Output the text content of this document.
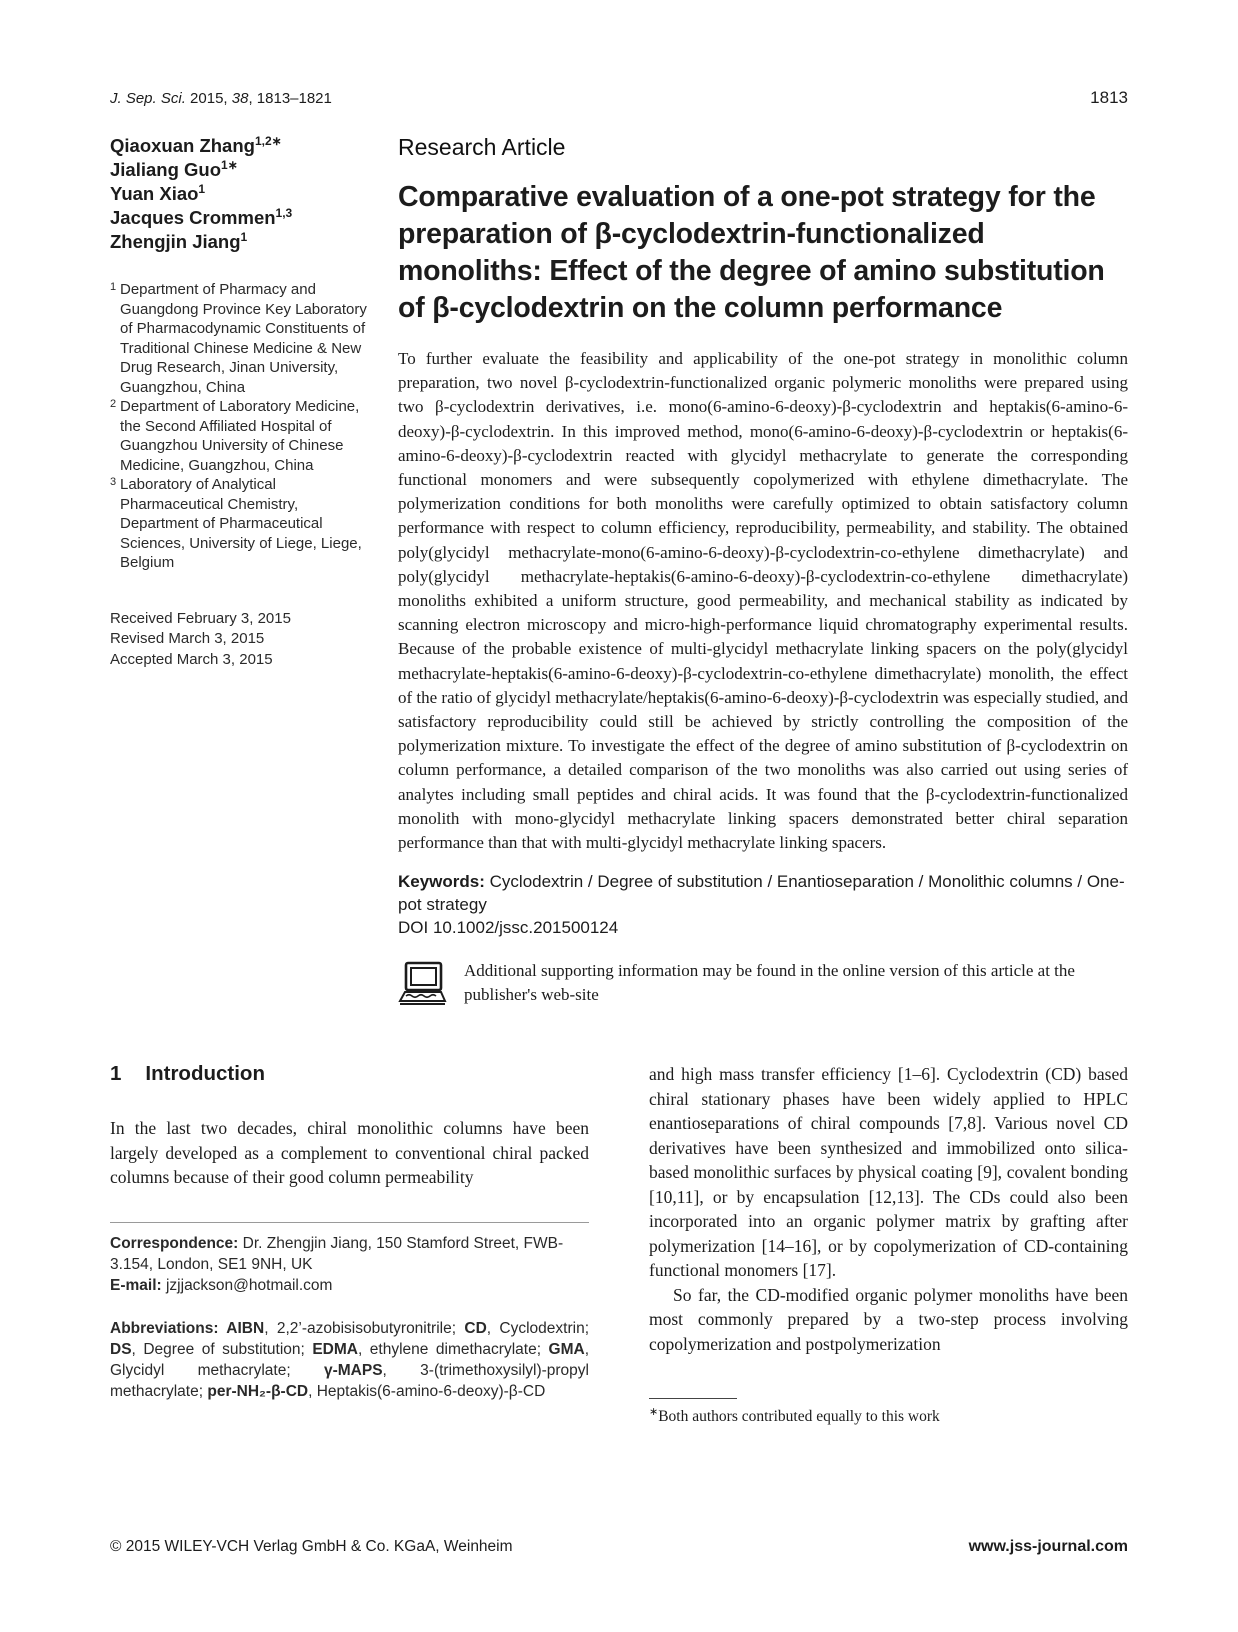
J. Sep. Sci. 2015, 38, 1813–1821	1813
Qiaoxuan Zhang$^{1,2∗}$
Jialiang Guo$^{1∗}$
Yuan Xiao$^1$
Jacques Crommen$^{1,3}$
Zhengjin Jiang$^1$
1 Department of Pharmacy and Guangdong Province Key Laboratory of Pharmacodynamic Constituents of Traditional Chinese Medicine & New Drug Research, Jinan University, Guangzhou, China
2 Department of Laboratory Medicine, the Second Affiliated Hospital of Guangzhou University of Chinese Medicine, Guangzhou, China
3 Laboratory of Analytical Pharmaceutical Chemistry, Department of Pharmaceutical Sciences, University of Liege, Liege, Belgium
Received February 3, 2015
Revised March 3, 2015
Accepted March 3, 2015
Research Article
Comparative evaluation of a one-pot strategy for the preparation of β-cyclodextrin-functionalized monoliths: Effect of the degree of amino substitution of β-cyclodextrin on the column performance

To further evaluate the feasibility and applicability of the one-pot strategy in monolithic column preparation, two novel β-cyclodextrin-functionalized organic polymeric monoliths were prepared using two β-cyclodextrin derivatives, i.e. mono(6-amino-6-deoxy)-β-cyclodextrin and heptakis(6-amino-6-deoxy)-β-cyclodextrin. In this improved method, mono(6-amino-6-deoxy)-β-cyclodextrin or heptakis(6-amino-6-deoxy)-β-cyclodextrin reacted with glycidyl methacrylate to generate the corresponding functional monomers and were subsequently copolymerized with ethylene dimethacrylate. The polymerization conditions for both monoliths were carefully optimized to obtain satisfactory column performance with respect to column efficiency, reproducibility, permeability, and stability. The obtained poly(glycidyl methacrylate-mono(6-amino-6-deoxy)-β-cyclodextrin-co-ethylene dimethacrylate) and poly(glycidyl methacrylate-heptakis(6-amino-6-deoxy)-β-cyclodextrin-co-ethylene dimethacrylate) monoliths exhibited a uniform structure, good permeability, and mechanical stability as indicated by scanning electron microscopy and micro-high-performance liquid chromatography experimental results. Because of the probable existence of multi-glycidyl methacrylate linking spacers on the poly(glycidyl methacrylate-heptakis(6-amino-6-deoxy)-β-cyclodextrin-co-ethylene dimethacrylate) monolith, the effect of the ratio of glycidyl methacrylate/heptakis(6-amino-6-deoxy)-β-cyclodextrin was especially studied, and satisfactory reproducibility could still be achieved by strictly controlling the composition of the polymerization mixture. To investigate the effect of the degree of amino substitution of β-cyclodextrin on column performance, a detailed comparison of the two monoliths was also carried out using series of analytes including small peptides and chiral acids. It was found that the β-cyclodextrin-functionalized monolith with mono-glycidyl methacrylate linking spacers demonstrated better chiral separation performance than that with multi-glycidyl methacrylate linking spacers.

Keywords: Cyclodextrin / Degree of substitution / Enantioseparation / Monolithic columns / One-pot strategy

DOI 10.1002/jssc.201500124

Additional supporting information may be found in the online version of this article at the publisher's web-site
1 Introduction

In the last two decades, chiral monolithic columns have been largely developed as a complement to conventional chiral packed columns because of their good column permeability

Correspondence: Dr. Zhengjin Jiang, 150 Stamford Street, FWB-3.154, London, SE1 9NH, UK
E-mail: jzjjackson@hotmail.com
Abbreviations: AIBN, 2,2’-azobisisobutyronitrile; CD, Cyclodextrin; DS, Degree of substitution; EDMA, ethylene dimethacrylate; GMA, Glycidyl methacrylate; γ-MAPS, 3-(trimethoxysilyl)-propyl methacrylate; per-NH₂-β-CD, Heptakis(6-amino-6-deoxy)-β-CD

and high mass transfer efficiency [1–6]. Cyclodextrin (CD) based chiral stationary phases have been widely applied to HPLC enantioseparations of chiral compounds [7,8]. Various novel CD derivatives have been synthesized and immobilized onto silica-based monolithic surfaces by physical coating [9], covalent bonding [10,11], or by encapsulation [12,13]. The CDs could also been incorporated into an organic polymer matrix by grafting after polymerization [14–16], or by copolymerization of CD-containing functional monomers [17].

So far, the CD-modified organic polymer monoliths have been most commonly prepared by a two-step process involving copolymerization and postpolymerization

∗Both authors contributed equally to this work

© 2015 WILEY-VCH Verlag GmbH & Co. KGaA, Weinheim	www.jss-journal.com
